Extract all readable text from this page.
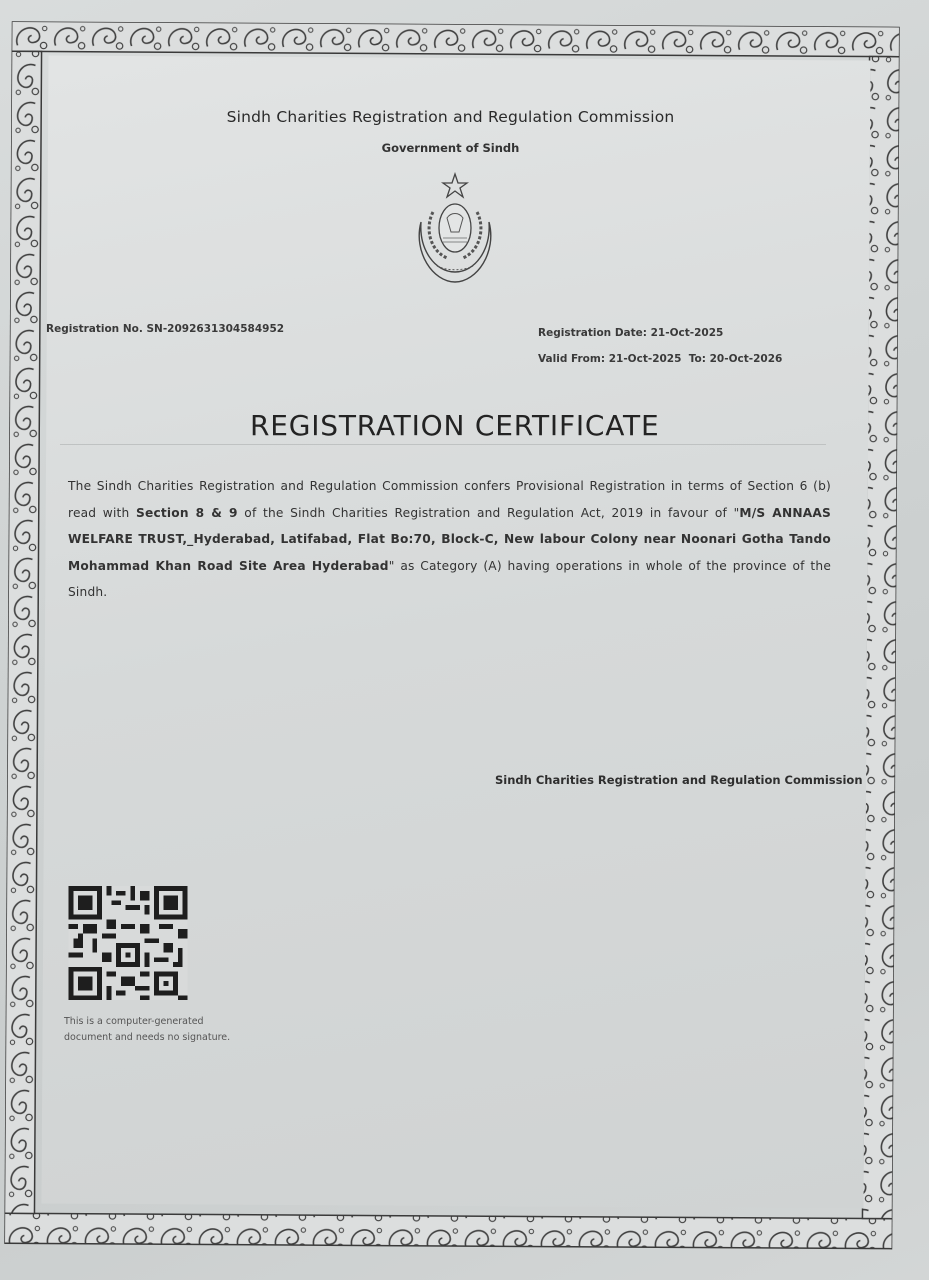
Sindh Charities Registration and Regulation Commission
Government of Sindh
Registration No. SN-2092631304584952	Registration Date: 21-Oct-2025
Valid From: 21-Oct-2025 To: 20-Oct-2026
REGISTRATION CERTIFICATE
The Sindh Charities Registration and Regulation Commission confers Provisional Registration in terms of Section 6 (b) read with Section 8 & 9 of the Sindh Charities Registration and Regulation Act, 2019 in favour of "M/S ANNAAS WELFARE TRUST,_Hyderabad, Latifabad, Flat Bo:70, Block-C, New labour Colony near Noonari Gotha Tando Mohammad Khan Road Site Area Hyderabad" as Category (A) having operations in whole of the province of the Sindh.
Sindh Charities Registration and Regulation Commission
This is a computer-generated
document and needs no signature.
